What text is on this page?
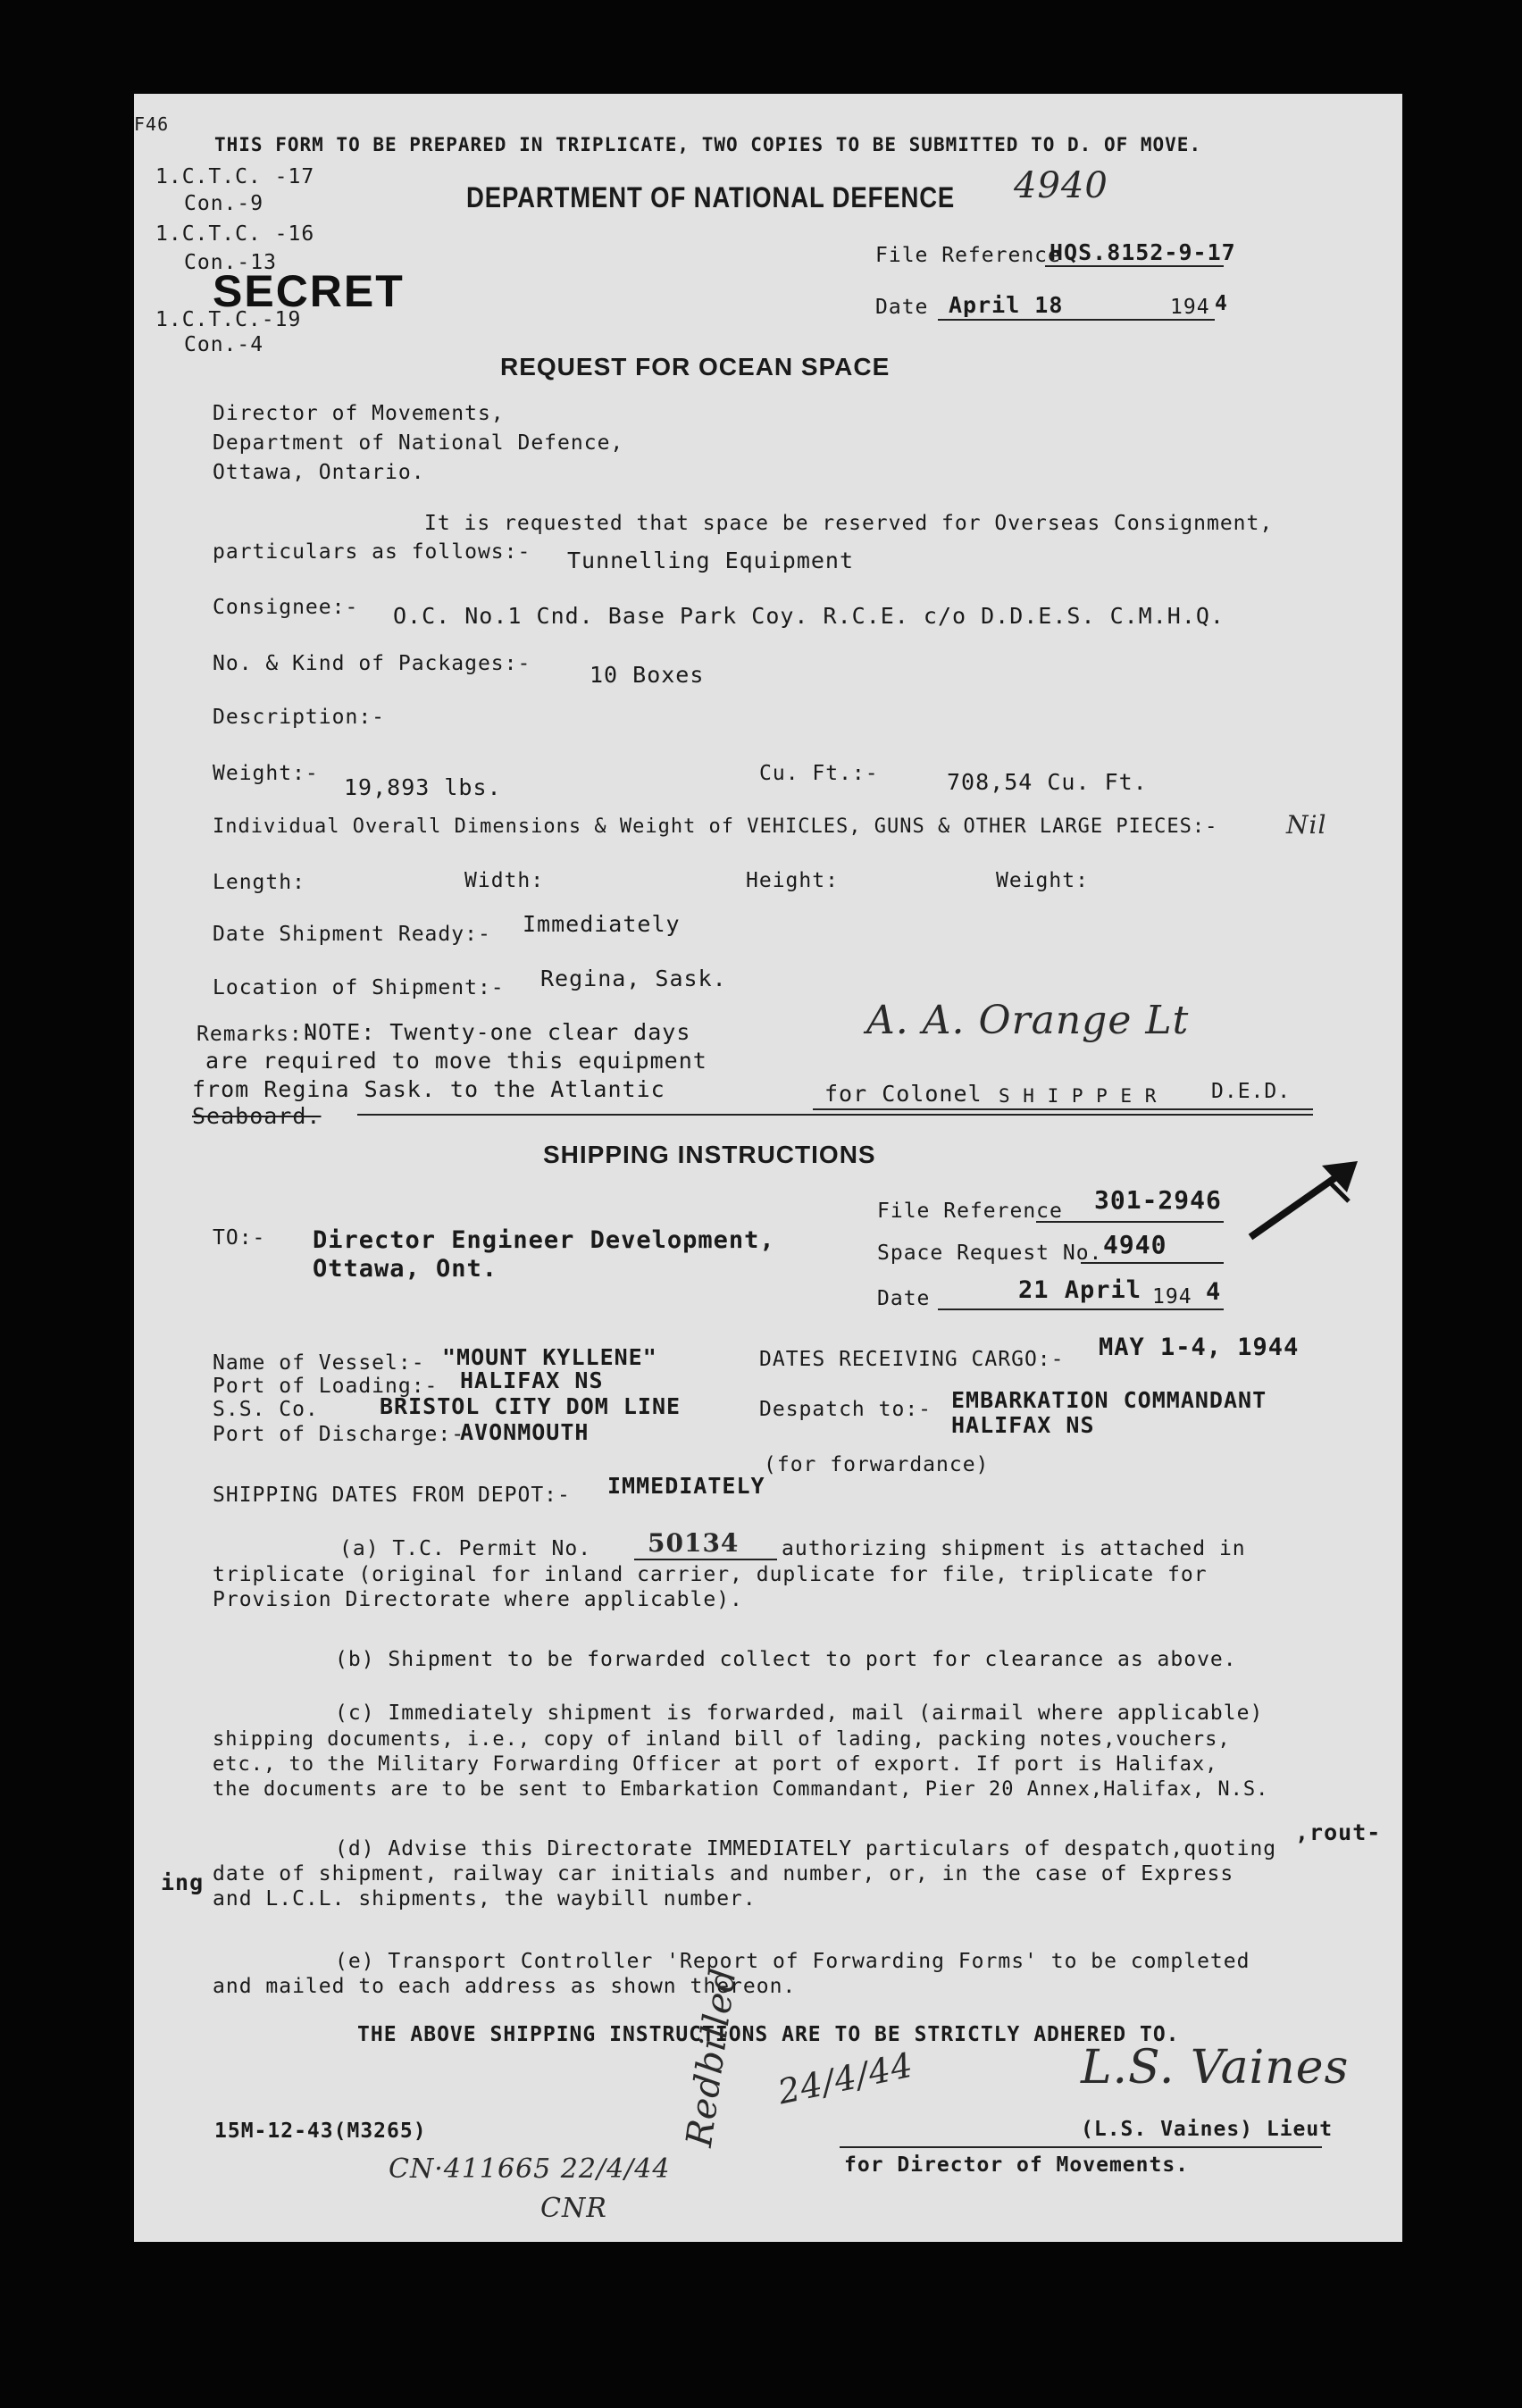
F46
THIS FORM TO BE PREPARED IN TRIPLICATE, TWO COPIES TO BE SUBMITTED TO D. OF MOVE.
1.C.T.C. -17
Con.-9
1.C.T.C. -16
Con.-13
1.C.T.C.-19
Con.-4
DEPARTMENT OF NATIONAL DEFENCE 4940
SECRET
File Reference
HQS.8152-9-17
Date April 18	194 4
REQUEST FOR OCEAN SPACE
Director of Movements,
Department of National Defence,
Ottawa, Ontario.
It is requested that space be reserved for Overseas Consignment,
particulars as follows:- Tunnelling Equipment
Consignee:- O.C. No.1 Cnd. Base Park Coy. R.C.E. c/o D.D.E.S. C.M.H.Q.
No. & Kind of Packages:-	10 Boxes
Description:-
Weight:-
19,893 lbs.
Cu. Ft.:-	708,54 Cu. Ft.
Individual Overall Dimensions & Weight of VEHICLES, GUNS & OTHER LARGE PIECES:-	Nil
Length:	Width:	Height:	Weight:
Date Shipment Ready:- Immediately
Location of Shipment:- Regina, Sask.
Remarks:-
NOTE: Twenty-one clear days
are required to move this equipment
from Regina Sask. to the Atlantic
Seaboard.
A. A. Orange Lt
for Colonel S H I P P E R	D.E.D.
SHIPPING INSTRUCTIONS
File Reference 301-2946
Space Request No. 4940
Date	21 April 194 4
TO:- Director Engineer Development,
Ottawa, Ont.
Name of Vessel:- "MOUNT KYLLENE"	DATES RECEIVING CARGO:- MAY 1-4, 1944
Port of Loading:- HALIFAX NS
S.S. Co.	BRISTOL CITY DOM LINE	Despatch to:- EMBARKATION COMMANDANT
HALIFAX NS
Port of Discharge:-
AVONMOUTH
(for forwardance)
SHIPPING DATES FROM DEPOT:- IMMEDIATELY
(a) T.C. Permit No. 50134 authorizing shipment is attached in
triplicate (original for inland carrier, duplicate for file, triplicate for
Provision Directorate where applicable).
(b) Shipment to be forwarded collect to port for clearance as above.
(c) Immediately shipment is forwarded, mail (airmail where applicable)
shipping documents, i.e., copy of inland bill of lading, packing notes,vouchers,
etc., to the Military Forwarding Officer at port of export. If port is Halifax,
the documents are to be sent to Embarkation Commandant, Pier 20 Annex,Halifax, N.S.
(d) Advise this Directorate IMMEDIATELY particulars of despatch,quoting
,rout-
ing date of shipment, railway car initials and number, or, in the case of Express
and L.C.L. shipments, the waybill number.
(e) Transport Controller 'Report of Forwarding Forms' to be completed
and mailed to each address as shown thereon.
THE ABOVE SHIPPING INSTRUCTIONS ARE TO BE STRICTLY ADHERED TO.
15M-12-43(M3265)
CN·411665 22/4/44
CNR
Redbilled 24/4/44	L.S. Vaines
(L.S. Vaines) Lieut
for Director of Movements.
